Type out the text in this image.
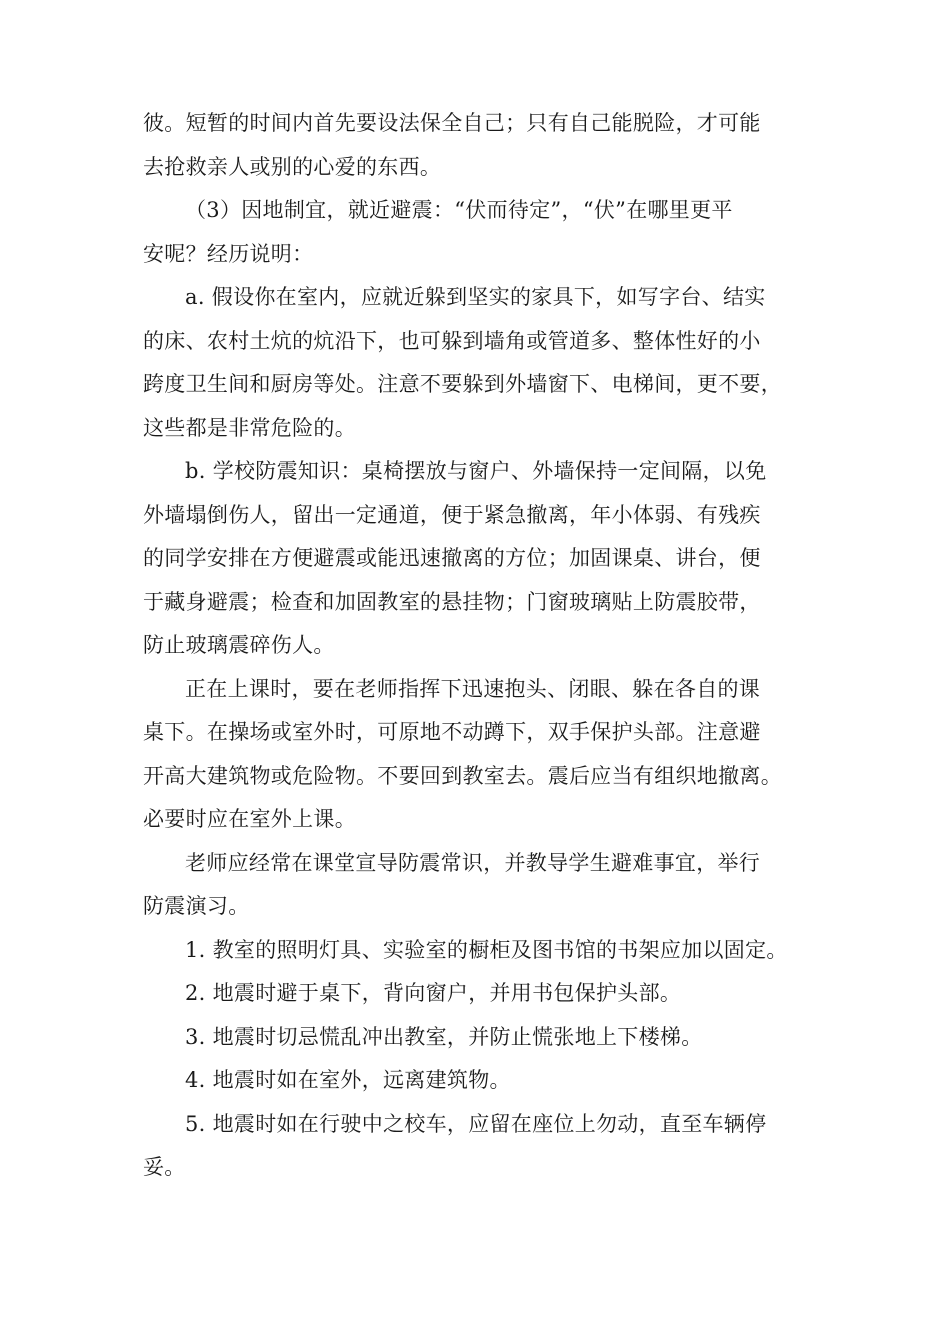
彼。短暂的时间内首先要设法保全自己；只有自己能脱险，才可能
去抢救亲人或别的心爱的东西。

（3）因地制宜，就近避震：“伏而待定”，“伏”在哪里更平
安呢？经历说明：

a. 假设你在室内，应就近躲到坚实的家具下，如写字台、结实
的床、农村土炕的炕沿下，也可躲到墙角或管道多、整体性好的小
跨度卫生间和厨房等处。注意不要躲到外墙窗下、电梯间，更不要，
这些都是非常危险的。

b. 学校防震知识：桌椅摆放与窗户、外墙保持一定间隔，以免
外墙塌倒伤人，留出一定通道，便于紧急撤离，年小体弱、有残疾
的同学安排在方便避震或能迅速撤离的方位；加固课桌、讲台，便
于藏身避震；检查和加固教室的悬挂物；门窗玻璃贴上防震胶带，
防止玻璃震碎伤人。

正在上课时，要在老师指挥下迅速抱头、闭眼、躲在各自的课
桌下。在操场或室外时，可原地不动蹲下，双手保护头部。注意避
开高大建筑物或危险物。不要回到教室去。震后应当有组织地撤离。
必要时应在室外上课。

老师应经常在课堂宣导防震常识，并教导学生避难事宜，举行
防震演习。

1. 教室的照明灯具、实验室的橱柜及图书馆的书架应加以固定。

2. 地震时避于桌下，背向窗户，并用书包保护头部。

3. 地震时切忌慌乱冲出教室，并防止慌张地上下楼梯。

4. 地震时如在室外，远离建筑物。

5. 地震时如在行驶中之校车，应留在座位上勿动，直至车辆停
妥。
